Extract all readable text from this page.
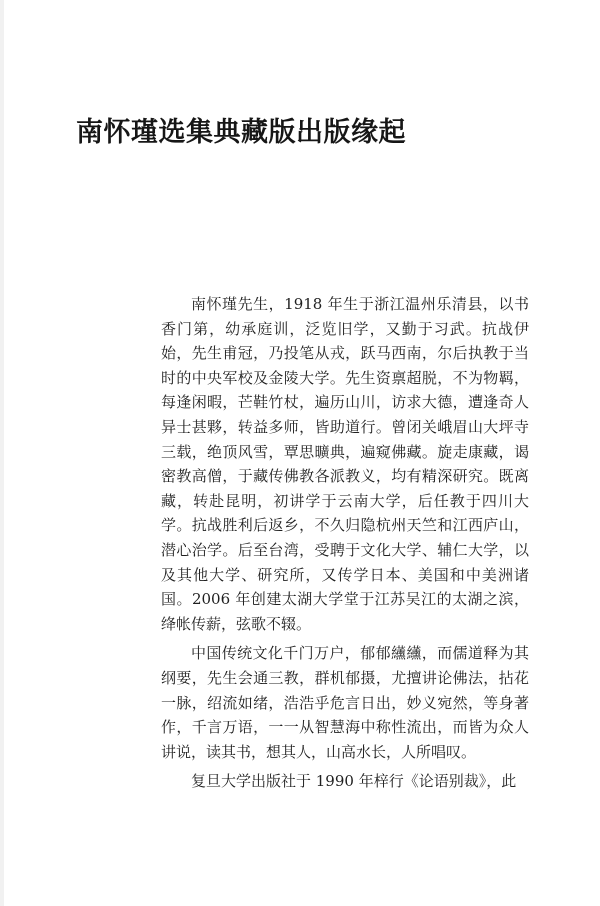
南怀瑾选集典藏版出版缘起

南怀瑾先生，1918 年生于浙江温州乐清县，以书香门第，幼承庭训，泛览旧学，又勤于习武。抗战伊始，先生甫冠，乃投笔从戎，跃马西南，尔后执教于当时的中央军校及金陵大学。先生资禀超脱，不为物羁，每逢闲暇，芒鞋竹杖，遍历山川，访求大德，遭逢奇人异士甚夥，转益多师，皆助道行。曾闭关峨眉山大坪寺三载，绝顶风雪，覃思曠典，遍窥佛藏。旋走康藏，谒密教高僧，于藏传佛教各派教义，均有精深研究。既离藏，转赴昆明，初讲学于云南大学，后任教于四川大学。抗战胜利后返乡，不久归隐杭州天竺和江西庐山，潜心治学。后至台湾，受聘于文化大学、辅仁大学，以及其他大学、研究所，又传学日本、美国和中美洲诸国。2006 年创建太湖大学堂于江苏吴江的太湖之滨，绛帐传薪，弦歌不辍。

中国传统文化千门万户，郁郁䌲䌲，而儒道释为其纲要，先生会通三教，群机郁摄，尤擅讲论佛法，拈花一脉，绍流如绪，浩浩乎危言日出，妙义宛然，等身著作，千言万语，一一从智慧海中称性流出，而皆为众人讲说，读其书，想其人，山高水长，人所唱叹。

复旦大学出版社于 1990 年梓行《论语别裁》，此
